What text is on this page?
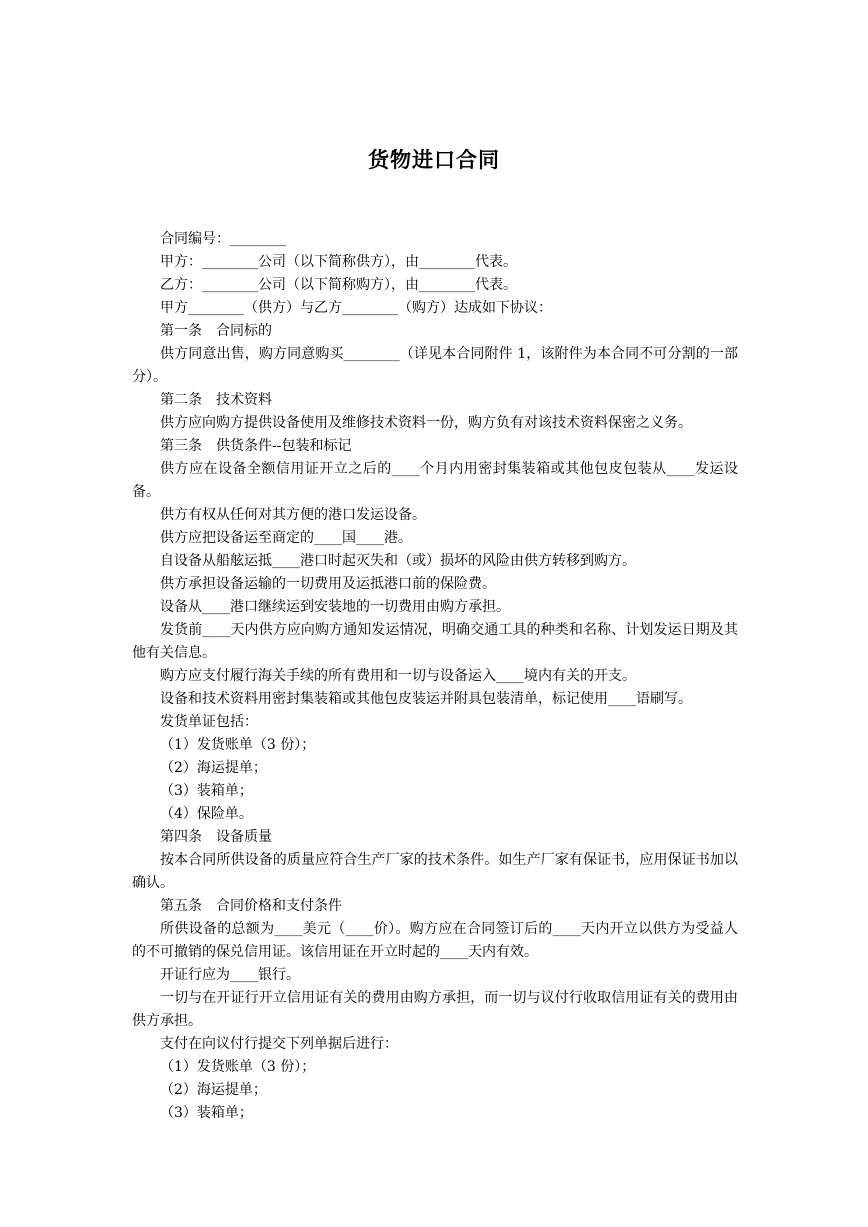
货物进口合同

合同编号：________

甲方：________公司（以下简称供方），由________代表。

乙方：________公司（以下简称购方），由________代表。

甲方________（供方）与乙方________（购方）达成如下协议：

第一条　合同标的

供方同意出售，购方同意购买________（详见本合同附件 1，该附件为本合同不可分割的一部分）。

第二条　技术资料

供方应向购方提供设备使用及维修技术资料一份，购方负有对该技术资料保密之义务。

第三条　供货条件--包装和标记

供方应在设备全额信用证开立之后的____个月内用密封集装箱或其他包皮包装从____发运设备。

供方有权从任何对其方便的港口发运设备。

供方应把设备运至商定的____国____港。

自设备从船舷运抵____港口时起灭失和（或）损坏的风险由供方转移到购方。

供方承担设备运输的一切费用及运抵港口前的保险费。

设备从____港口继续运到安装地的一切费用由购方承担。

发货前____天内供方应向购方通知发运情况，明确交通工具的种类和名称、计划发运日期及其他有关信息。

购方应支付履行海关手续的所有费用和一切与设备运入____境内有关的开支。

设备和技术资料用密封集装箱或其他包皮装运并附具包装清单，标记使用____语刷写。

发货单证包括：

（1）发货账单（3 份）；

（2）海运提单；

（3）装箱单；

（4）保险单。

第四条　设备质量

按本合同所供设备的质量应符合生产厂家的技术条件。如生产厂家有保证书，应用保证书加以确认。

第五条　合同价格和支付条件

所供设备的总额为____美元（____价）。购方应在合同签订后的____天内开立以供方为受益人的不可撤销的保兑信用证。该信用证在开立时起的____天内有效。

开证行应为____银行。

一切与在开证行开立信用证有关的费用由购方承担，而一切与议付行收取信用证有关的费用由供方承担。

支付在向议付行提交下列单据后进行：

（1）发货账单（3 份）；

（2）海运提单；

（3）装箱单；
